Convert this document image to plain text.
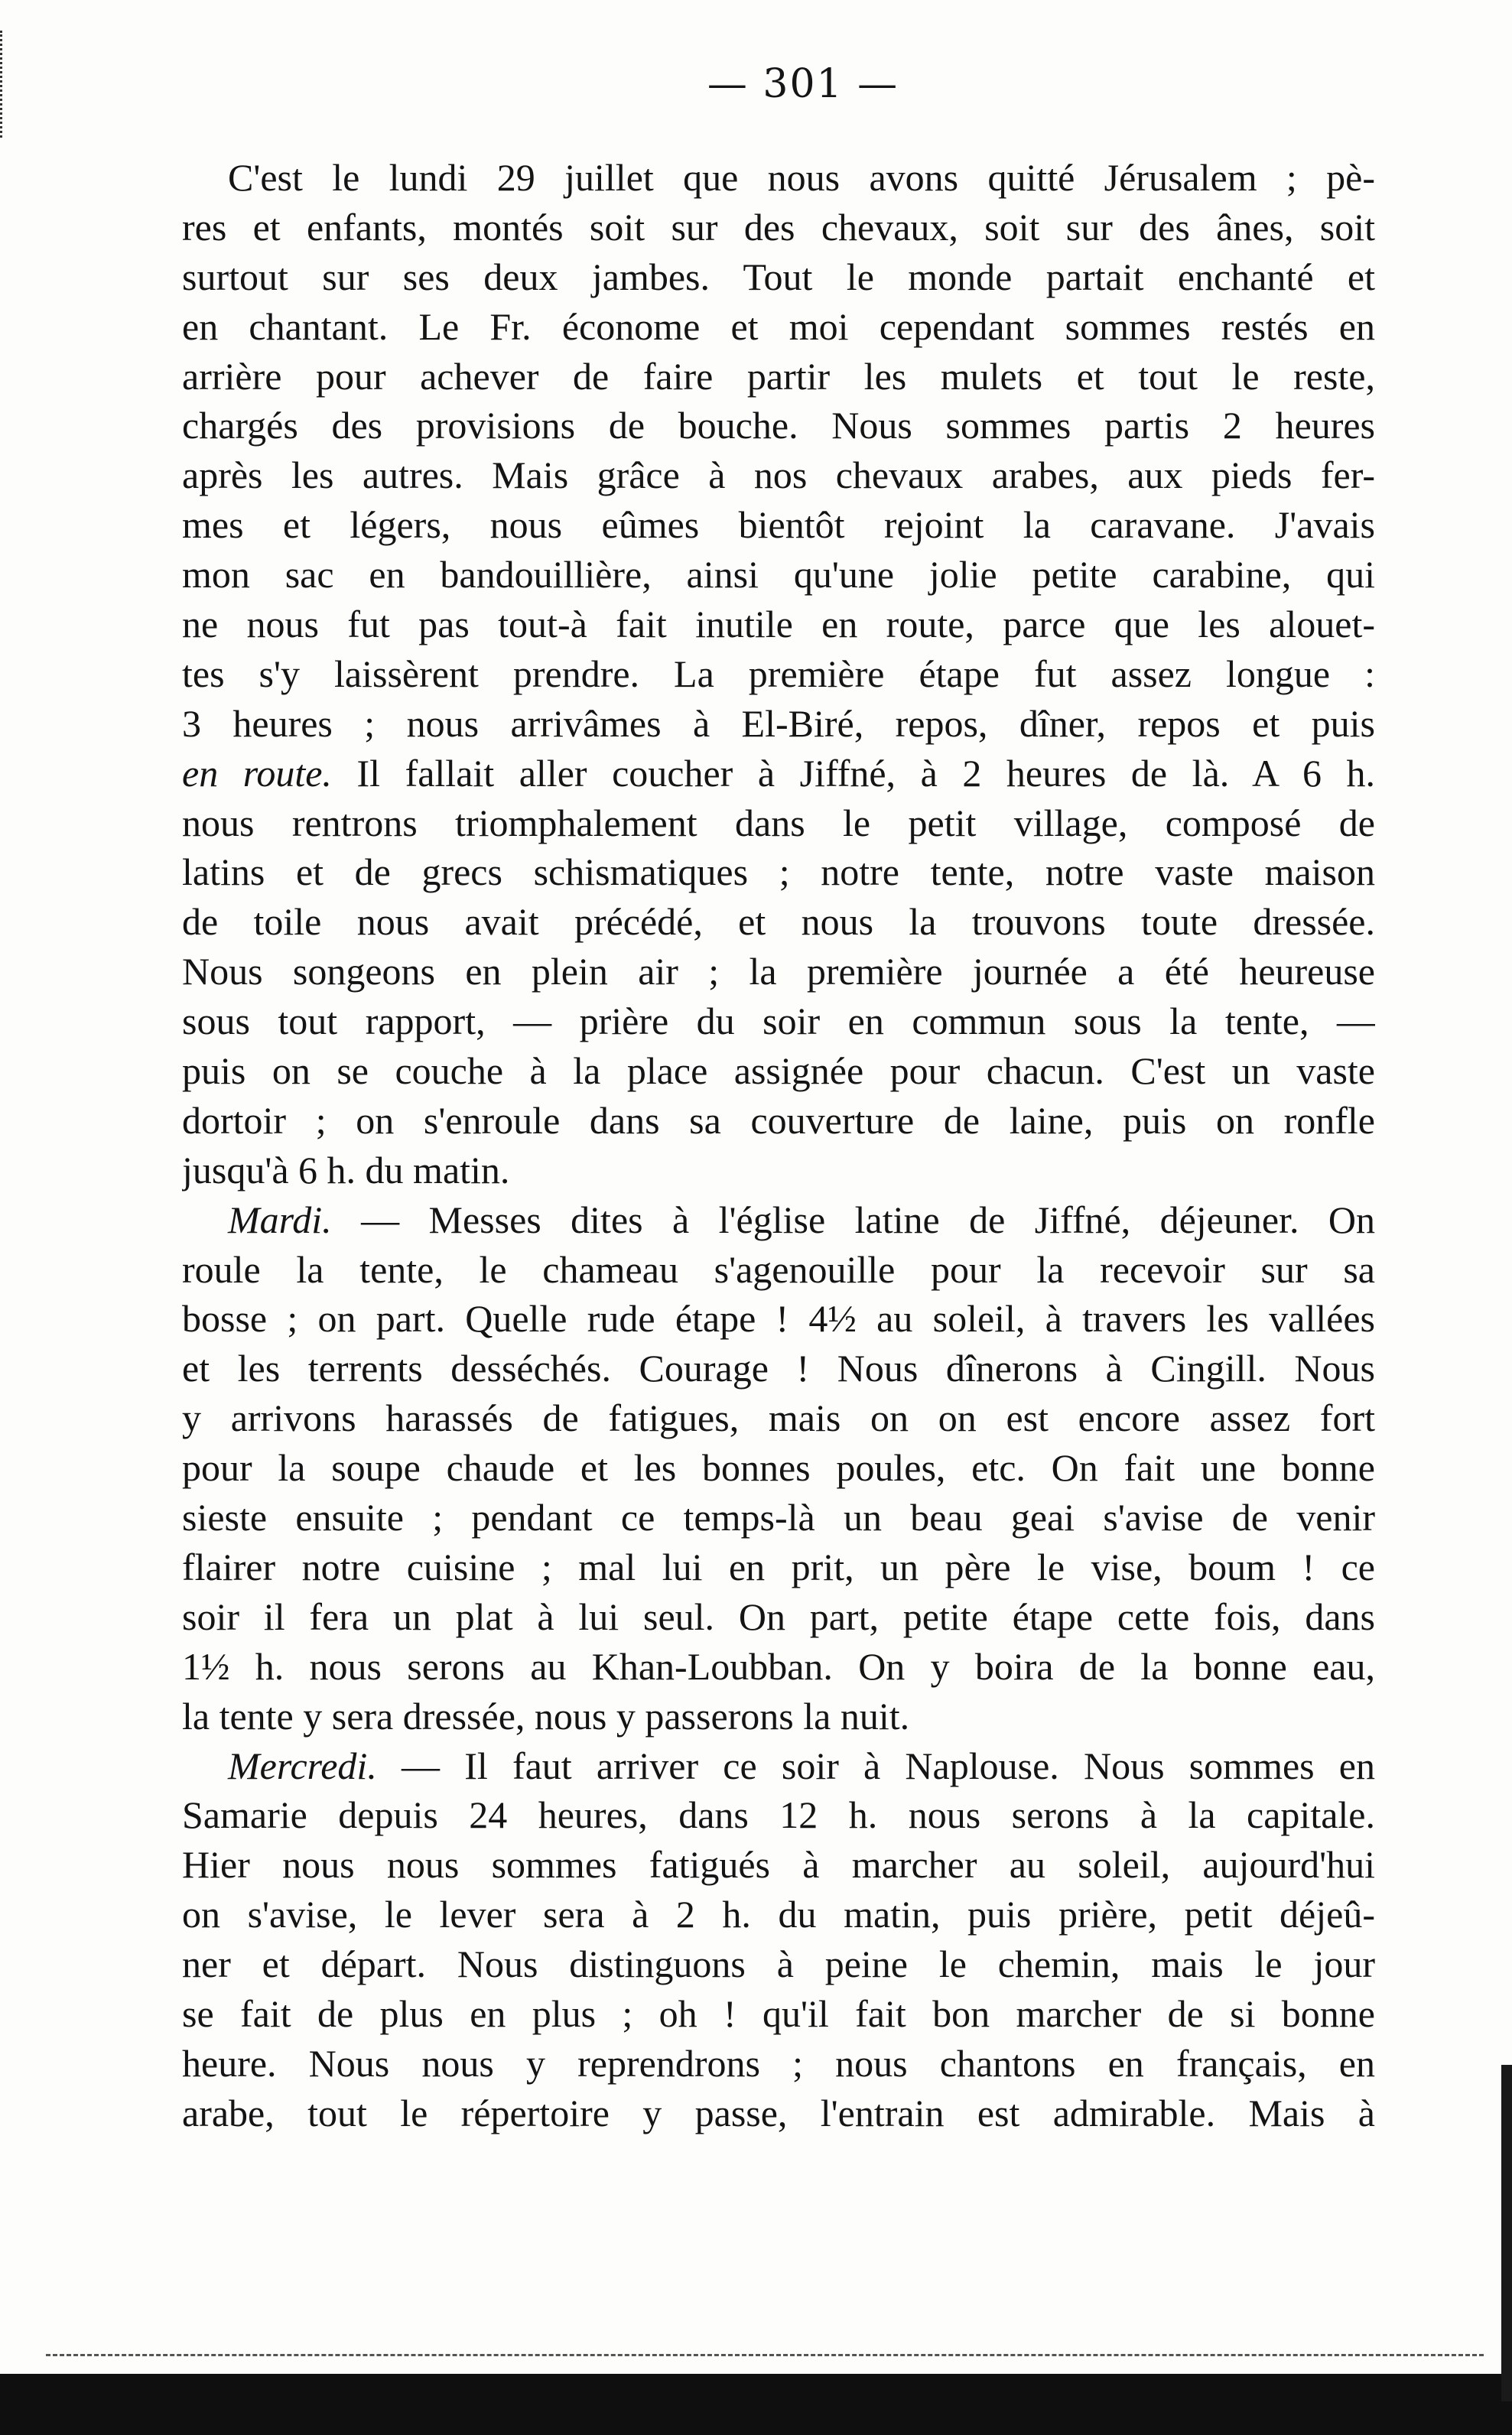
— 301 —
C'est le lundi 29 juillet que nous avons quitté Jérusalem ; pè-
res et enfants, montés soit sur des chevaux, soit sur des ânes, soit
surtout sur ses deux jambes. Tout le monde partait enchanté et
en chantant. Le Fr. économe et moi cependant sommes restés en
arrière pour achever de faire partir les mulets et tout le reste,
chargés des provisions de bouche. Nous sommes partis 2 heures
après les autres. Mais grâce à nos chevaux arabes, aux pieds fer-
mes et légers, nous eûmes bientôt rejoint la caravane. J'avais
mon sac en bandouillière, ainsi qu'une jolie petite carabine, qui
ne nous fut pas tout-à fait inutile en route, parce que les alouet-
tes s'y laissèrent prendre. La première étape fut assez longue :
3 heures ; nous arrivâmes à El-Biré, repos, dîner, repos et puis
en route. Il fallait aller coucher à Jiffné, à 2 heures de là. A 6 h.
nous rentrons triomphalement dans le petit village, composé de
latins et de grecs schismatiques ; notre tente, notre vaste maison
de toile nous avait précédé, et nous la trouvons toute dressée.
Nous songeons en plein air ; la première journée a été heureuse
sous tout rapport, — prière du soir en commun sous la tente, —
puis on se couche à la place assignée pour chacun. C'est un vaste
dortoir ; on s'enroule dans sa couverture de laine, puis on ronfle
jusqu'à 6 h. du matin.
Mardi. — Messes dites à l'église latine de Jiffné, déjeuner. On
roule la tente, le chameau s'agenouille pour la recevoir sur sa
bosse ; on part. Quelle rude étape ! 4½ au soleil, à travers les vallées
et les terrents desséchés. Courage ! Nous dînerons à Cingill. Nous
y arrivons harassés de fatigues, mais on on est encore assez fort
pour la soupe chaude et les bonnes poules, etc. On fait une bonne
sieste ensuite ; pendant ce temps-là un beau geai s'avise de venir
flairer notre cuisine ; mal lui en prit, un père le vise, boum ! ce
soir il fera un plat à lui seul. On part, petite étape cette fois, dans
1½ h. nous serons au Khan-Loubban. On y boira de la bonne eau,
la tente y sera dressée, nous y passerons la nuit.
Mercredi. — Il faut arriver ce soir à Naplouse. Nous sommes en
Samarie depuis 24 heures, dans 12 h. nous serons à la capitale.
Hier nous nous sommes fatigués à marcher au soleil, aujourd'hui
on s'avise, le lever sera à 2 h. du matin, puis prière, petit déjeû-
ner et départ. Nous distinguons à peine le chemin, mais le jour
se fait de plus en plus ; oh ! qu'il fait bon marcher de si bonne
heure. Nous nous y reprendrons ; nous chantons en français, en
arabe, tout le répertoire y passe, l'entrain est admirable. Mais à
